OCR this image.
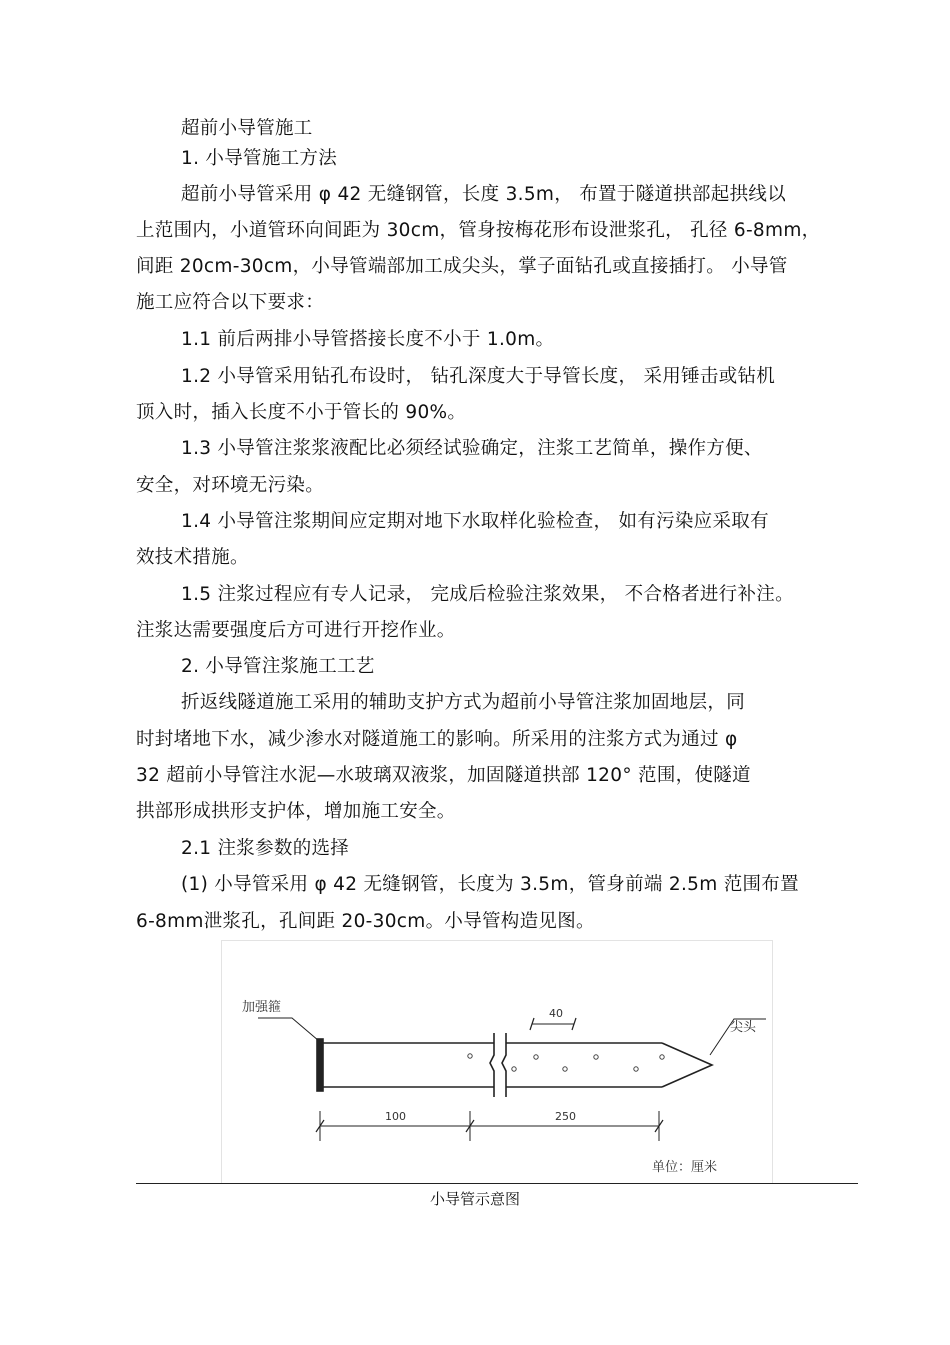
超前小导管施工
1. 小导管施工方法
超前小导管采用 φ 42 无缝钢管，长度 3.5m， 布置于隧道拱部起拱线以
上范围内，小道管环向间距为 30cm，管身按梅花形布设泄浆孔， 孔径 6-8mm，
间距 20cm-30cm，小导管端部加工成尖头，掌子面钻孔或直接插打。 小导管
施工应符合以下要求：
1.1 前后两排小导管搭接长度不小于 1.0m。
1.2 小导管采用钻孔布设时， 钻孔深度大于导管长度， 采用锤击或钻机
顶入时，插入长度不小于管长的 90%。
1.3 小导管注浆浆液配比必须经试验确定，注浆工艺简单，操作方便、
安全，对环境无污染。
1.4 小导管注浆期间应定期对地下水取样化验检查， 如有污染应采取有
效技术措施。
1.5 注浆过程应有专人记录， 完成后检验注浆效果， 不合格者进行补注。
注浆达需要强度后方可进行开挖作业。
2. 小导管注浆施工工艺
折返线隧道施工采用的辅助支护方式为超前小导管注浆加固地层，同
时封堵地下水，减少渗水对隧道施工的影响。所采用的注浆方式为通过 φ
32 超前小导管注水泥—水玻璃双液浆，加固隧道拱部 120° 范围，使隧道
拱部形成拱形支护体，增加施工安全。
2.1 注浆参数的选择
(1) 小导管采用 φ 42 无缝钢管，长度为 3.5m，管身前端 2.5m 范围布置
6-8mm泄浆孔，孔间距 20-30cm。小导管构造见图。
加强箍
尖头
40
100	250
单位：厘米
小导管示意图
